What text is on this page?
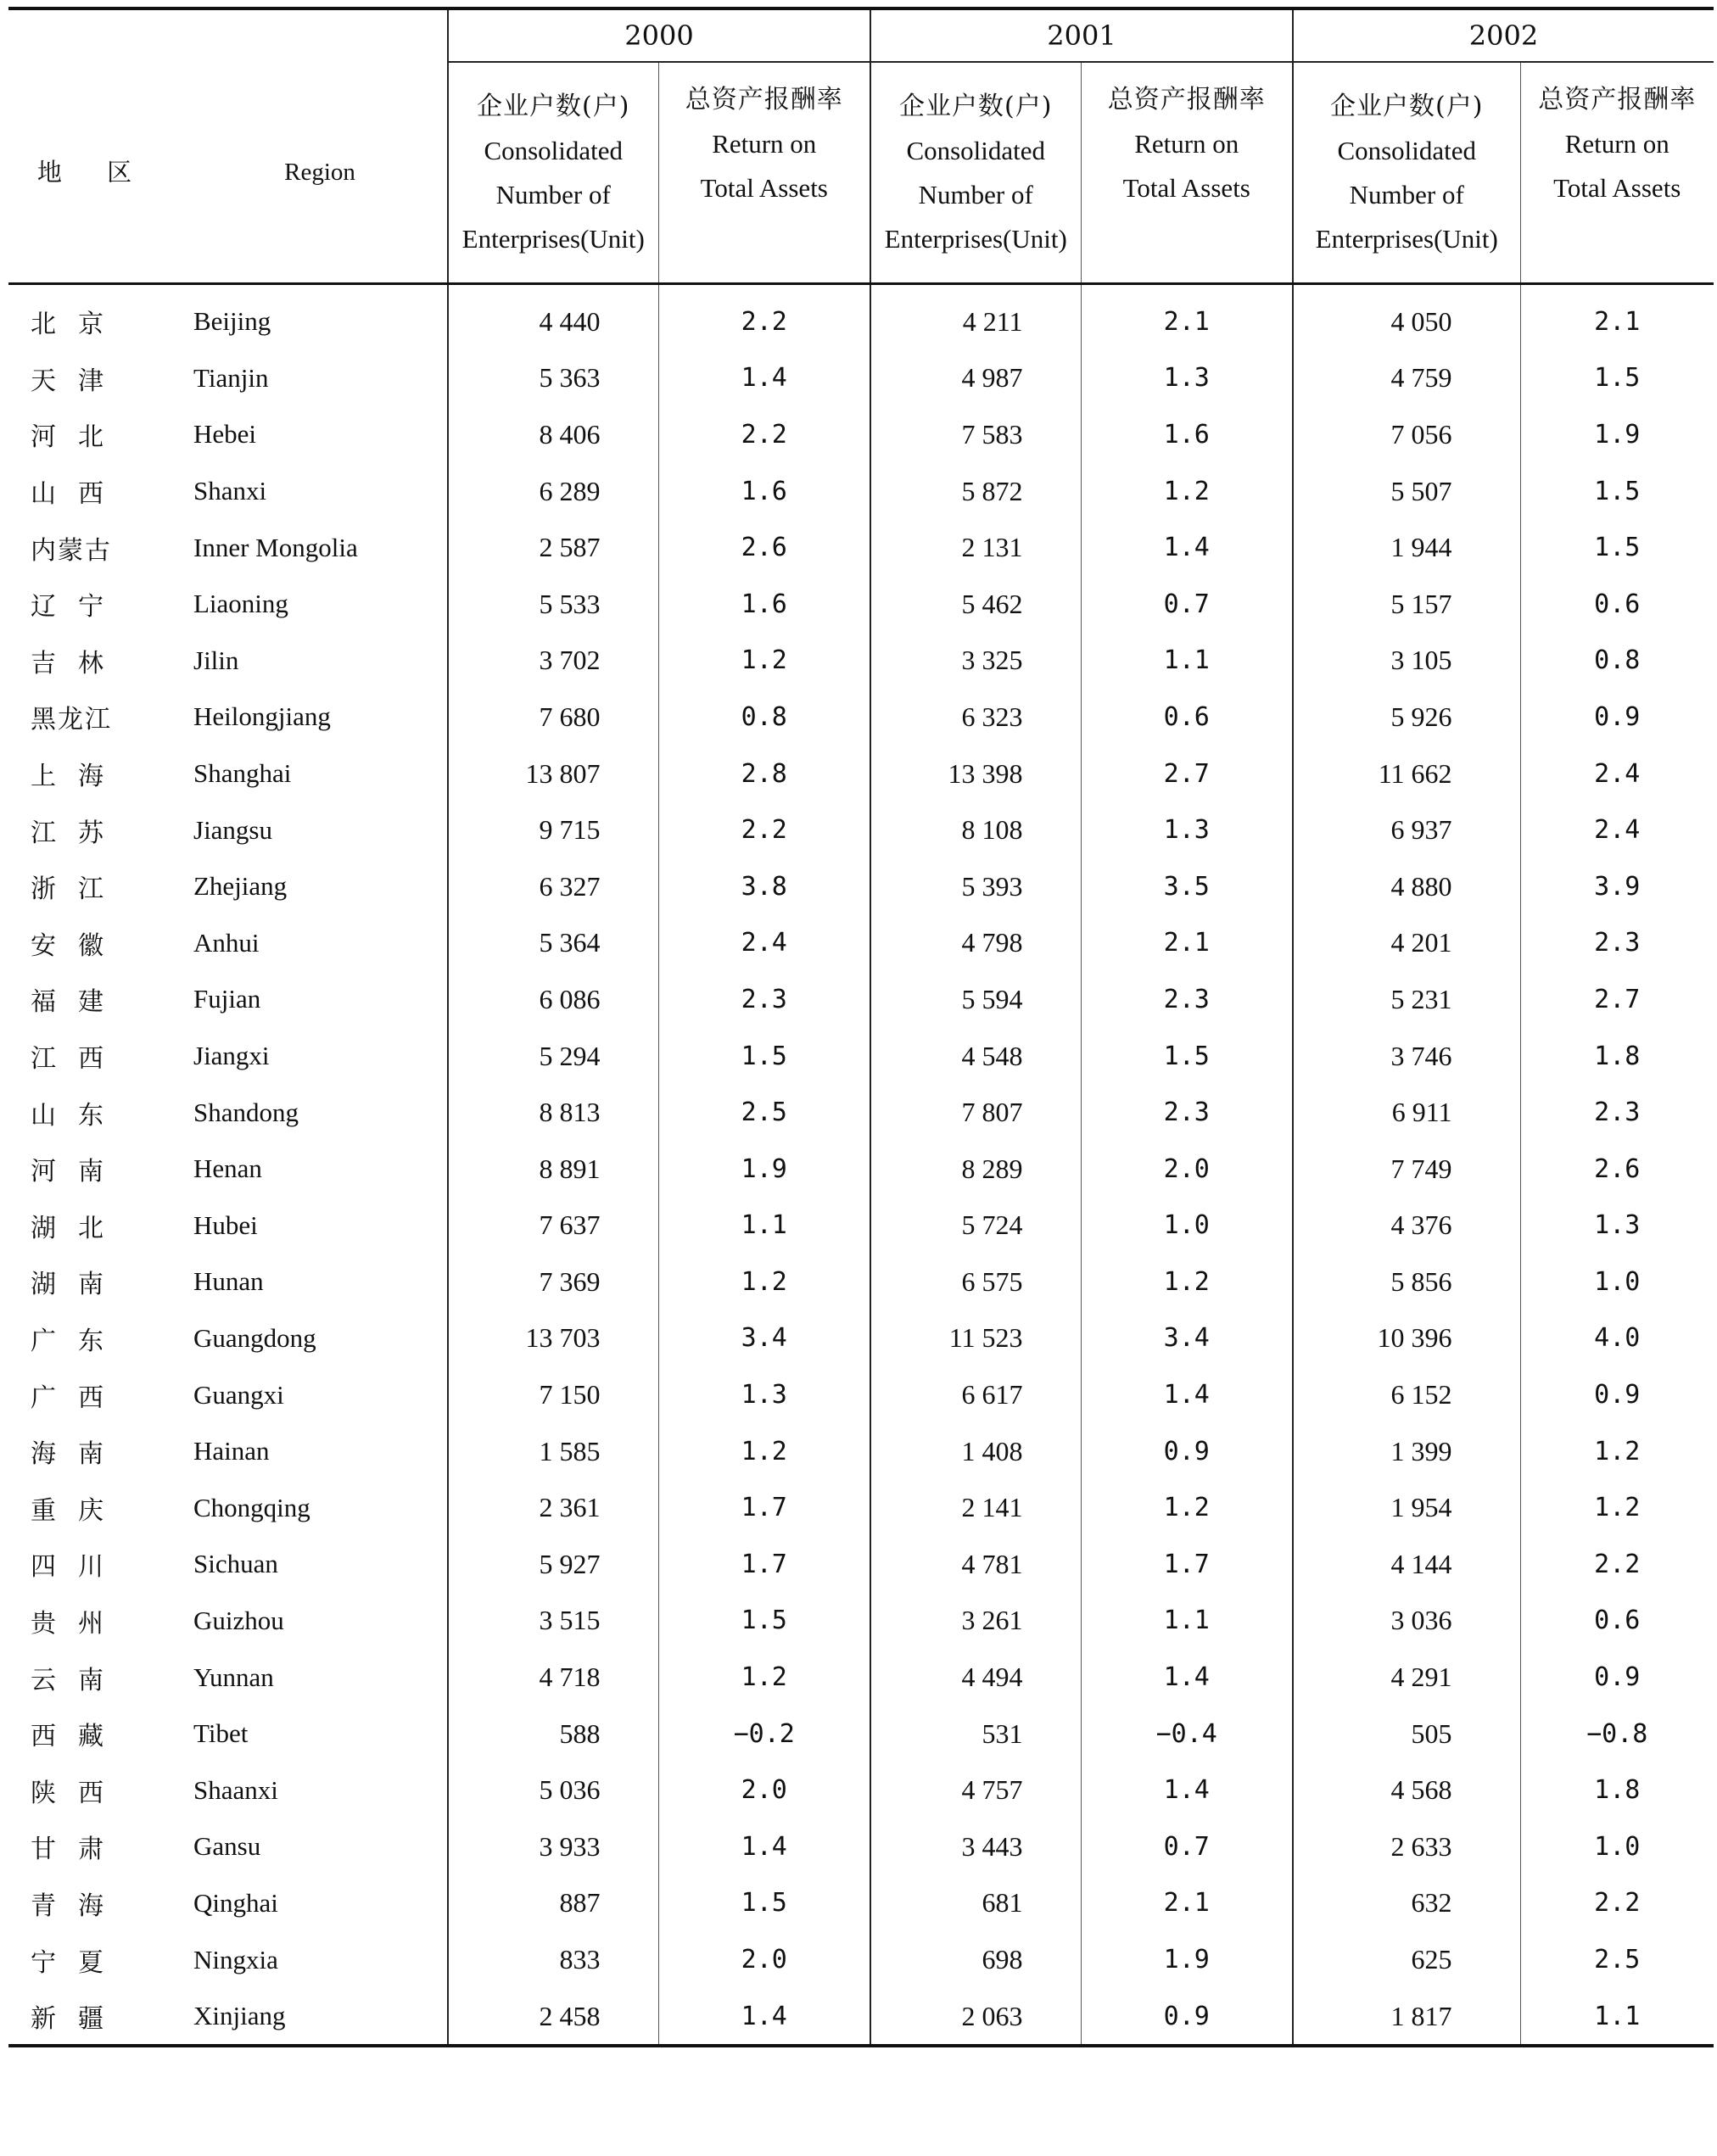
		2000		2001		2002	
地 区	Region	企业户数(户)
Consolidated
Number of
Enterprises(Unit)	总资产报酬率
Return on
Total Assets	企业户数(户)
Consolidated
Number of
Enterprises(Unit)	总资产报酬率
Return on
Total Assets	企业户数(户)
Consolidated
Number of
Enterprises(Unit)	总资产报酬率
Return on
Total Assets

北京	Beijing	4 440	2.2	4 211	2.1	4 050	2.1
天津	Tianjin	5 363	1.4	4 987	1.3	4 759	1.5
河北	Hebei	8 406	2.2	7 583	1.6	7 056	1.9
山西	Shanxi	6 289	1.6	5 872	1.2	5 507	1.5
内蒙古	Inner Mongolia	2 587	2.6	2 131	1.4	1 944	1.5
辽宁	Liaoning	5 533	1.6	5 462	0.7	5 157	0.6
吉林	Jilin	3 702	1.2	3 325	1.1	3 105	0.8
黑龙江	Heilongjiang	7 680	0.8	6 323	0.6	5 926	0.9
上海	Shanghai	13 807	2.8	13 398	2.7	11 662	2.4
江苏	Jiangsu	9 715	2.2	8 108	1.3	6 937	2.4
浙江	Zhejiang	6 327	3.8	5 393	3.5	4 880	3.9
安徽	Anhui	5 364	2.4	4 798	2.1	4 201	2.3
福建	Fujian	6 086	2.3	5 594	2.3	5 231	2.7
江西	Jiangxi	5 294	1.5	4 548	1.5	3 746	1.8
山东	Shandong	8 813	2.5	7 807	2.3	6 911	2.3
河南	Henan	8 891	1.9	8 289	2.0	7 749	2.6
湖北	Hubei	7 637	1.1	5 724	1.0	4 376	1.3
湖南	Hunan	7 369	1.2	6 575	1.2	5 856	1.0
广东	Guangdong	13 703	3.4	11 523	3.4	10 396	4.0
广西	Guangxi	7 150	1.3	6 617	1.4	6 152	0.9
海南	Hainan	1 585	1.2	1 408	0.9	1 399	1.2
重庆	Chongqing	2 361	1.7	2 141	1.2	1 954	1.2
四川	Sichuan	5 927	1.7	4 781	1.7	4 144	2.2
贵州	Guizhou	3 515	1.5	3 261	1.1	3 036	0.6
云南	Yunnan	4 718	1.2	4 494	1.4	4 291	0.9
西藏	Tibet	588	−0.2	531	−0.4	505	−0.8
陕西	Shaanxi	5 036	2.0	4 757	1.4	4 568	1.8
甘肃	Gansu	3 933	1.4	3 443	0.7	2 633	1.0
青海	Qinghai	887	1.5	681	2.1	632	2.2
宁夏	Ningxia	833	2.0	698	1.9	625	2.5
新疆	Xinjiang	2 458	1.4	2 063	0.9	1 817	1.1
